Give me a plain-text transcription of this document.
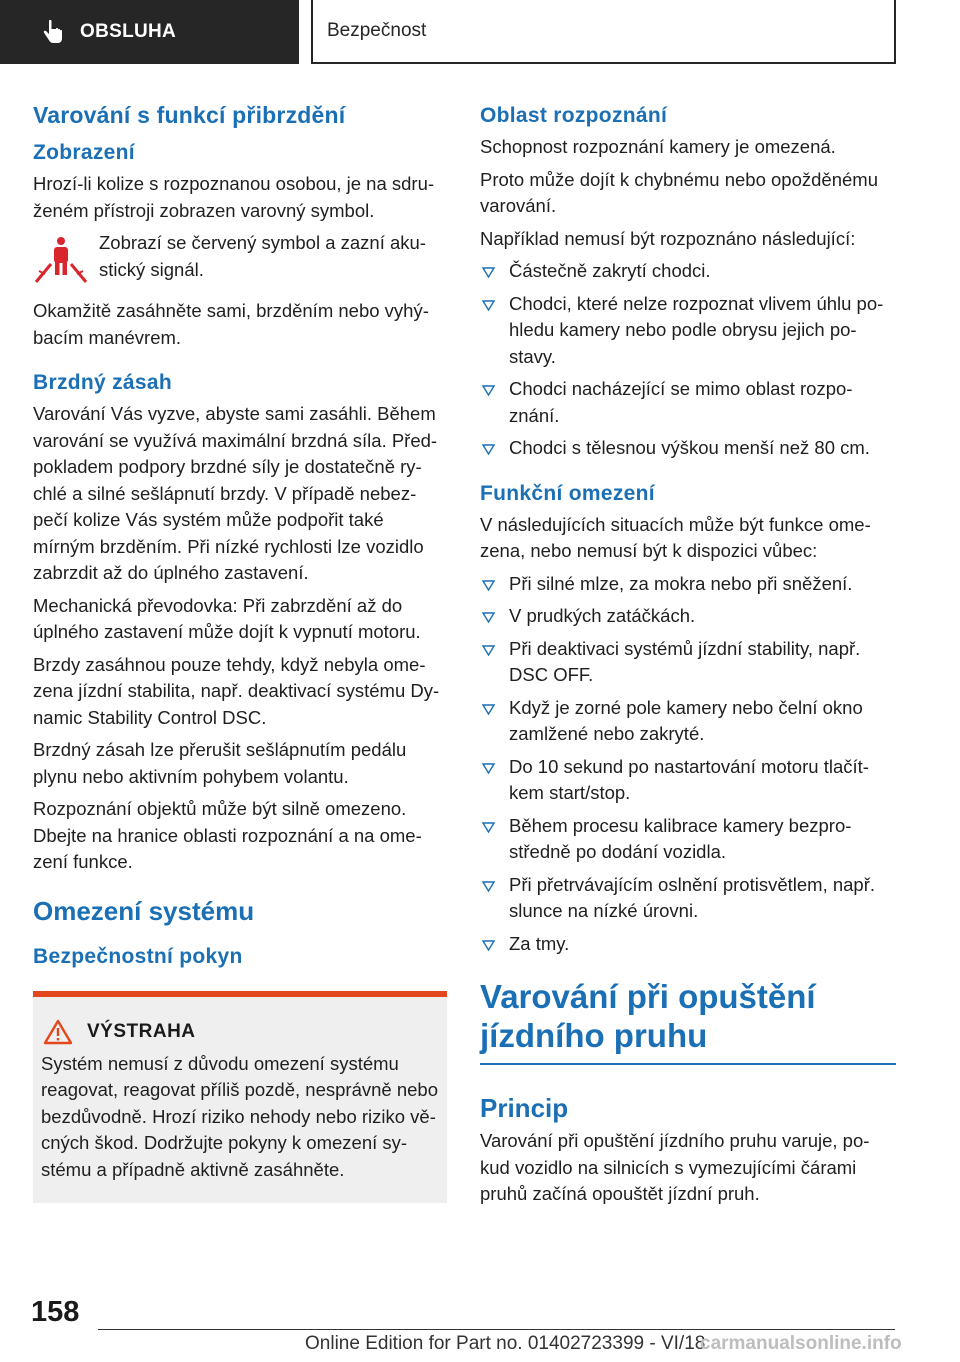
OBSLUHA	Bezpečnost
Varování s funkcí přibrzdění
Zobrazení

Hrozí-li kolize s rozpoznanou osobou, je na sdru-ženém přístroji zobrazen varovný symbol.

Zobrazí se červený symbol a zazní aku-stický signál.

Okamžitě zasáhněte sami, brzděním nebo vyhý-bacím manévrem.

Brzdný zásah

Varování Vás vyzve, abyste sami zasáhli. Během varování se využívá maximální brzdná síla. Před-pokladem podpory brzdné síly je dostatečně ry-chlé a silné sešlápnutí brzdy. V případě nebez-pečí kolize Vás systém může podpořit také mírným brzděním. Při nízké rychlosti lze vozidlo zabrzdit až do úplného zastavení.

Mechanická převodovka: Při zabrzdění až do úplného zastavení může dojít k vypnutí motoru.

Brzdy zasáhnou pouze tehdy, když nebyla ome-zena jízdní stabilita, např. deaktivací systému Dy-namic Stability Control DSC.

Brzdný zásah lze přerušit sešlápnutím pedálu plynu nebo aktivním pohybem volantu.

Rozpoznání objektů může být silně omezeno. Dbejte na hranice oblasti rozpoznání a na ome-zení funkce.

Omezení systému
Bezpečnostní pokyn
VÝSTRAHA

Systém nemusí z důvodu omezení systému reagovat, reagovat příliš pozdě, nesprávně nebo bezdůvodně. Hrozí riziko nehody nebo riziko vě-cných škod. Dodržujte pokyny k omezení sy-stému a případně aktivně zasáhněte.

Oblast rozpoznání

Schopnost rozpoznání kamery je omezená.

Proto může dojít k chybnému nebo opožděnému varování.

Například nemusí být rozpoznáno následující:

Částečně zakrytí chodci.
Chodci, které nelze rozpoznat vlivem úhlu po-hledu kamery nebo podle obrysu jejich po-stavy.
Chodci nacházející se mimo oblast rozpo-znání.
Chodci s tělesnou výškou menší než 80 cm.
Funkční omezení

V následujících situacích může být funkce ome-zena, nebo nemusí být k dispozici vůbec:

Při silné mlze, za mokra nebo při sněžení.
V prudkých zatáčkách.
Při deaktivaci systémů jízdní stability, např. DSC OFF.
Když je zorné pole kamery nebo čelní okno zamlžené nebo zakryté.
Do 10 sekund po nastartování motoru tlačít-kem start/stop.
Během procesu kalibrace kamery bezpro-středně po dodání vozidla.
Při přetrvávajícím oslnění protisvětlem, např. slunce na nízké úrovni.
Za tmy.
Varování při opuštění jízdního pruhu
Princip

Varování při opuštění jízdního pruhu varuje, po-kud vozidlo na silnicích s vymezujícími čárami pruhů začíná opouštět jízdní pruh.

158
Online Edition for Part no. 01402723399 - VI/18
carmanualsonline.info
